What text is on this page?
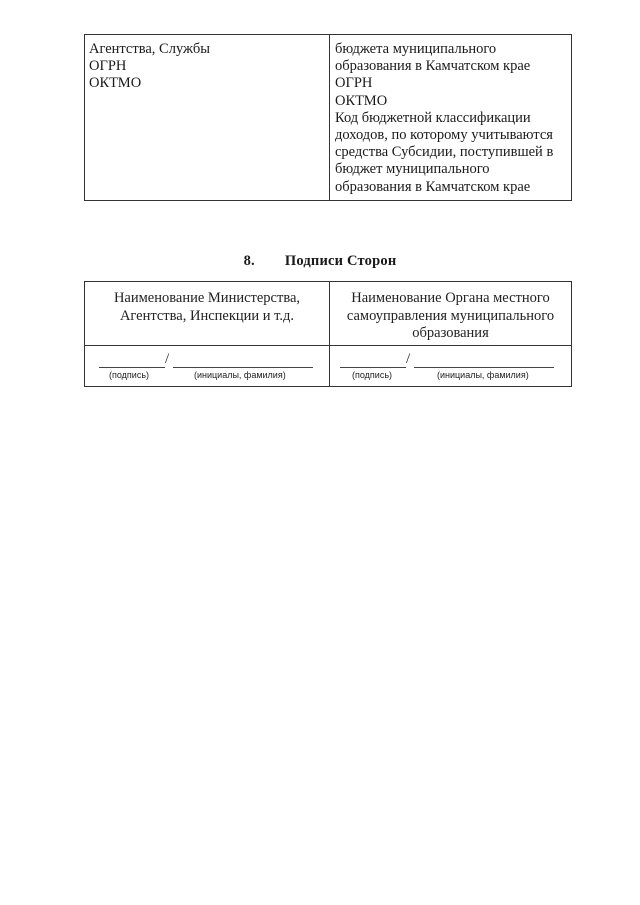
Агентства, Службы
ОГРН
ОКТМО
бюджета муниципального
образования в Камчатском крае
ОГРН
ОКТМО
Код бюджетной классификации
доходов, по которому учитываются
средства Субсидии, поступившей в
бюджет муниципального
образования в Камчатском крае
8. Подписи Сторон
Наименование Министерства,
Агентства, Инспекции и т.д.
Наименование Органа местного
самоуправления муниципального
образования
/
(подпись)	(инициалы, фамилия)
/
(подпись)	(инициалы, фамилия)
